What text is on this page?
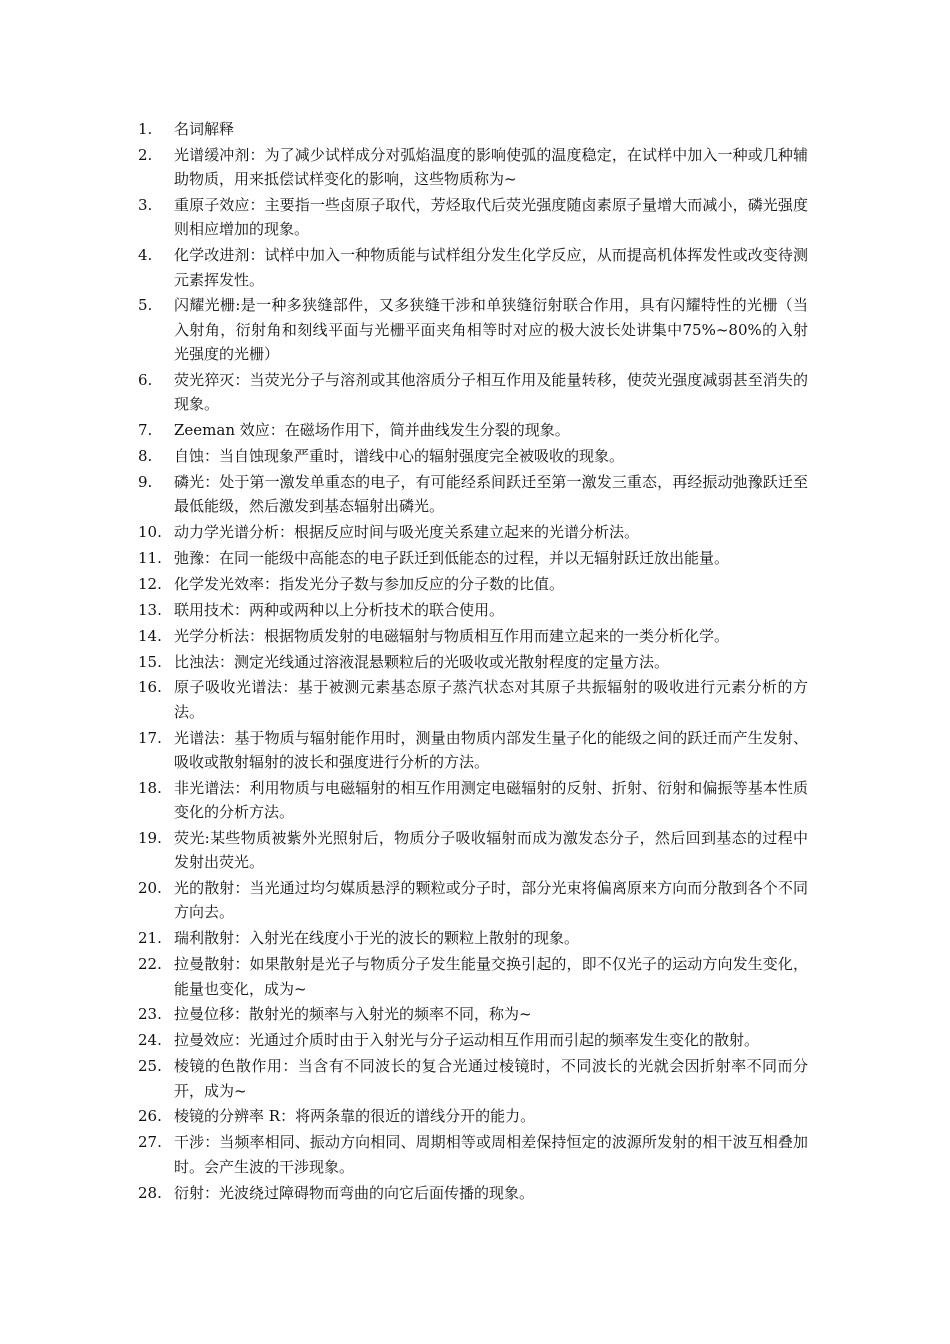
1.	名词解释
2.	光谱缓冲剂：为了减少试样成分对弧焰温度的影响使弧的温度稳定，在试样中加入一种或几种辅助物质，用来抵偿试样变化的影响，这些物质称为~
3.	重原子效应：主要指一些卤原子取代，芳烃取代后荧光强度随卤素原子量增大而减小，磷光强度则相应增加的现象。
4.	化学改进剂：试样中加入一种物质能与试样组分发生化学反应，从而提高机体挥发性或改变待测元素挥发性。
5.	闪耀光栅:是一种多狭缝部件，又多狭缝干涉和单狭缝衍射联合作用，具有闪耀特性的光栅（当入射角，衍射角和刻线平面与光栅平面夹角相等时对应的极大波长处讲集中75%~80%的入射光强度的光栅）
6.	荧光猝灭：当荧光分子与溶剂或其他溶质分子相互作用及能量转移，使荧光强度减弱甚至消失的现象。
7.	Zeeman 效应：在磁场作用下，简并曲线发生分裂的现象。
8.	自蚀：当自蚀现象严重时，谱线中心的辐射强度完全被吸收的现象。
9.	磷光：处于第一激发单重态的电子，有可能经系间跃迁至第一激发三重态，再经振动弛豫跃迁至最低能级，然后激发到基态辐射出磷光。
10. 动力学光谱分析：根据反应时间与吸光度关系建立起来的光谱分析法。
11. 弛豫：在同一能级中高能态的电子跃迁到低能态的过程，并以无辐射跃迁放出能量。
12. 化学发光效率：指发光分子数与参加反应的分子数的比值。
13. 联用技术：两种或两种以上分析技术的联合使用。
14. 光学分析法：根据物质发射的电磁辐射与物质相互作用而建立起来的一类分析化学。
15. 比浊法：测定光线通过溶液混悬颗粒后的光吸收或光散射程度的定量方法。
16. 原子吸收光谱法：基于被测元素基态原子蒸汽状态对其原子共振辐射的吸收进行元素分析的方法。
17. 光谱法：基于物质与辐射能作用时，测量由物质内部发生量子化的能级之间的跃迁而产生发射、吸收或散射辐射的波长和强度进行分析的方法。
18. 非光谱法：利用物质与电磁辐射的相互作用测定电磁辐射的反射、折射、衍射和偏振等基本性质变化的分析方法。
19. 荧光:某些物质被紫外光照射后，物质分子吸收辐射而成为激发态分子，然后回到基态的过程中发射出荧光。
20. 光的散射：当光通过均匀媒质悬浮的颗粒或分子时，部分光束将偏离原来方向而分散到各个不同方向去。
21. 瑞利散射：入射光在线度小于光的波长的颗粒上散射的现象。
22. 拉曼散射：如果散射是光子与物质分子发生能量交换引起的，即不仅光子的运动方向发生变化，能量也变化，成为~
23. 拉曼位移：散射光的频率与入射光的频率不同，称为~
24. 拉曼效应：光通过介质时由于入射光与分子运动相互作用而引起的频率发生变化的散射。
25. 棱镜的色散作用：当含有不同波长的复合光通过棱镜时，不同波长的光就会因折射率不同而分开，成为~
26. 棱镜的分辨率 R：将两条靠的很近的谱线分开的能力。
27. 干涉：当频率相同、振动方向相同、周期相等或周相差保持恒定的波源所发射的相干波互相叠加时。会产生波的干涉现象。
28. 衍射：光波绕过障碍物而弯曲的向它后面传播的现象。
